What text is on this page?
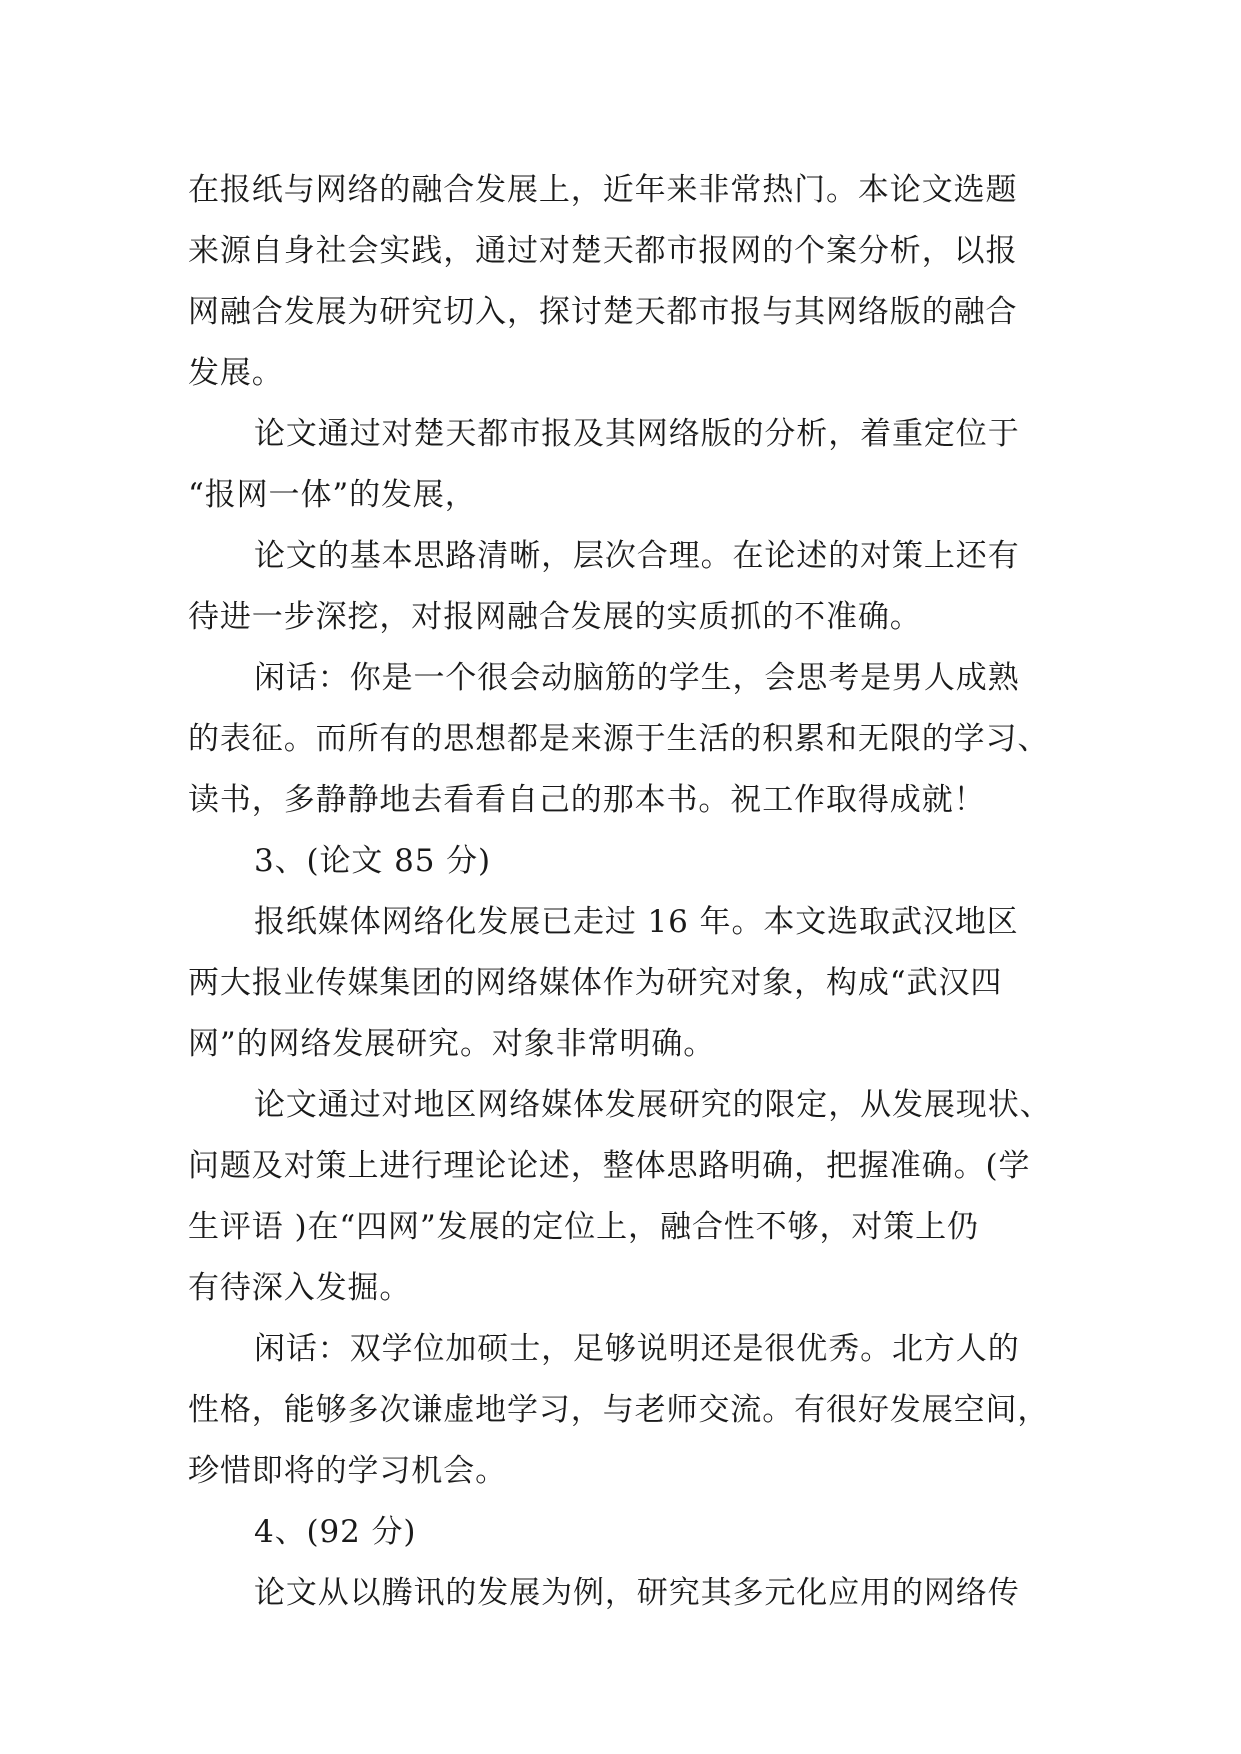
在报纸与网络的融合发展上，近年来非常热门。本论文选题
来源自身社会实践，通过对楚天都市报网的个案分析，以报
网融合发展为研究切入，探讨楚天都市报与其网络版的融合
发展。
论文通过对楚天都市报及其网络版的分析，着重定位于
“报网一体”的发展，
论文的基本思路清晰，层次合理。在论述的对策上还有
待进一步深挖，对报网融合发展的实质抓的不准确。
闲话：你是一个很会动脑筋的学生，会思考是男人成熟
的表征。而所有的思想都是来源于生活的积累和无限的学习、
读书，多静静地去看看自己的那本书。祝工作取得成就！
3、(论文 85 分)
报纸媒体网络化发展已走过 16 年。本文选取武汉地区
两大报业传媒集团的网络媒体作为研究对象，构成“武汉四
网”的网络发展研究。对象非常明确。
论文通过对地区网络媒体发展研究的限定，从发展现状、
问题及对策上进行理论论述，整体思路明确，把握准确。(学
生评语 )在“四网”发展的定位上，融合性不够，对策上仍
有待深入发掘。
闲话：双学位加硕士，足够说明还是很优秀。北方人的
性格，能够多次谦虚地学习，与老师交流。有很好发展空间，
珍惜即将的学习机会。
4、(92 分)
论文从以腾讯的发展为例，研究其多元化应用的网络传
